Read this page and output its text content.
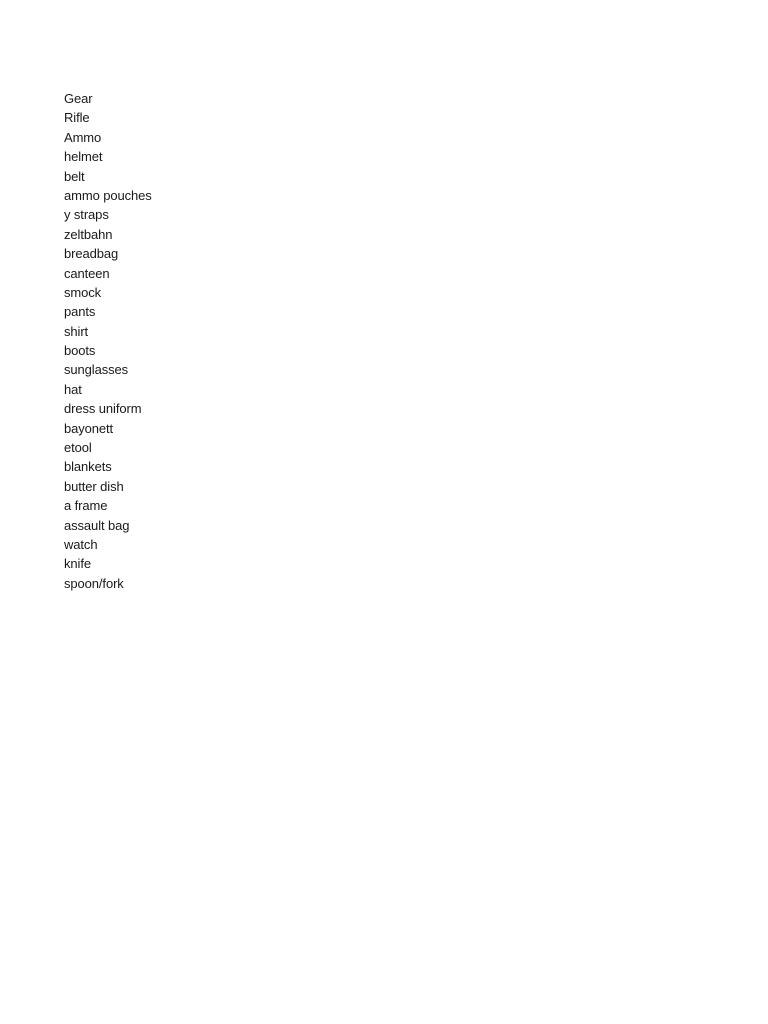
Gear
Rifle
Ammo
helmet
belt
ammo pouches
y straps
zeltbahn
breadbag
canteen
smock
pants
shirt
boots
sunglasses
hat
dress uniform
bayonett
etool
blankets
butter dish
a frame
assault bag
watch
knife
spoon/fork
